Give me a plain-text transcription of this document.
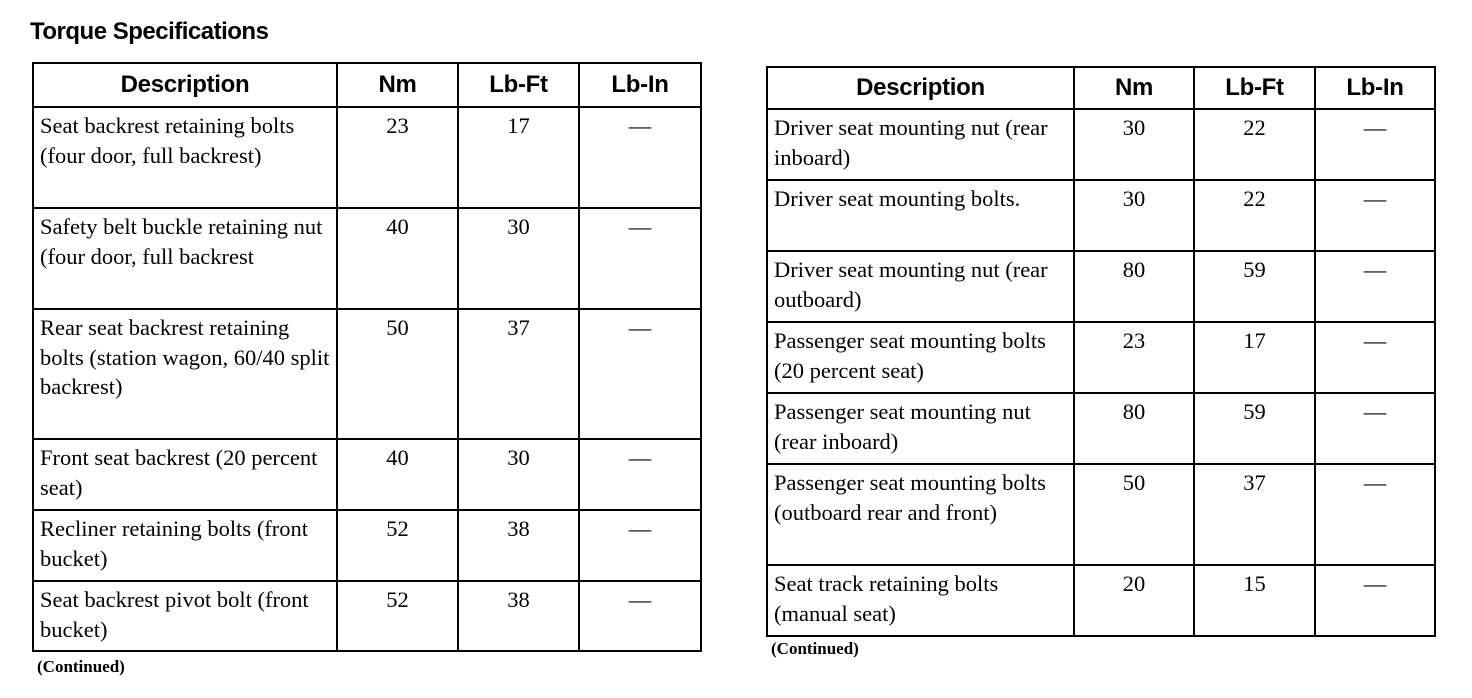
Torque Specifications
Description	Nm	Lb-Ft	Lb-In
Seat backrest retaining bolts (four door, full backrest)	23	17	—
Safety belt buckle retaining nut (four door, full backrest	40	30	—
Rear seat backrest retaining bolts (station wagon, 60/40 split backrest)	50	37	—
Front seat backrest (20 percent seat)	40	30	—
Recliner retaining bolts (front bucket)	52	38	—
Seat backrest pivot bolt (front bucket)	52	38	—
(Continued)
Description	Nm	Lb-Ft	Lb-In
Driver seat mounting nut (rear inboard)	30	22	—
Driver seat mounting bolts.	30	22	—
Driver seat mounting nut (rear outboard)	80	59	—
Passenger seat mounting bolts (20 percent seat)	23	17	—
Passenger seat mounting nut (rear inboard)	80	59	—
Passenger seat mounting bolts (outboard rear and front)	50	37	—
Seat track retaining bolts (manual seat)	20	15	—
(Continued)
